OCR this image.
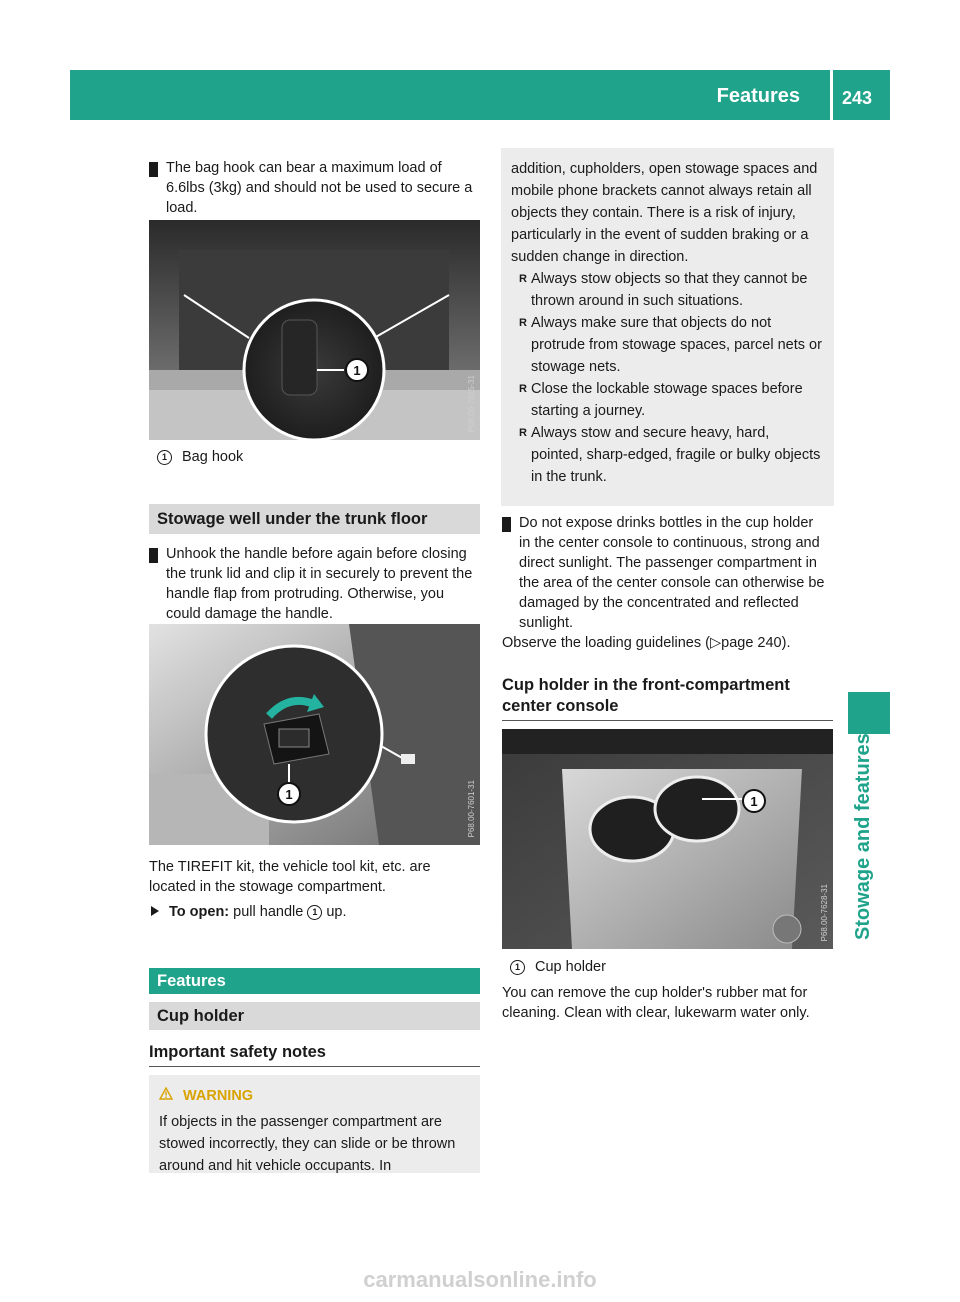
Features 243
Stowage and features
! The bag hook can bear a maximum load of 6.6lbs (3kg) and should not be used to secure a load.
1
P68.00-7615-31
1 Bag hook
Stowage well under the trunk floor
! Unhook the handle before again before closing the trunk lid and clip it in securely to prevent the handle flap from protruding. Otherwise, you could damage the handle.
1	P68.00-7601-31
The TIREFIT kit, the vehicle tool kit, etc. are located in the stowage compartment.
To open: pull handle 1 up.
Features
Cup holder
Important safety notes
WARNING
If objects in the passenger compartment are stowed incorrectly, they can slide or be thrown around and hit vehicle occupants. In
addition, cupholders, open stowage spaces and mobile phone brackets cannot always retain all objects they contain. There is a risk of injury, particularly in the event of sudden braking or a sudden change in direction.
R Always stow objects so that they cannot be thrown around in such situations.
R Always make sure that objects do not protrude from stowage spaces, parcel nets or stowage nets.
R Close the lockable stowage spaces before starting a journey.
R Always stow and secure heavy, hard, pointed, sharp-edged, fragile or bulky objects in the trunk.
! Do not expose drinks bottles in the cup holder in the center console to continuous, strong and direct sunlight. The passenger compartment in the area of the center console can otherwise be damaged by the concentrated and reflected sunlight.
Observe the loading guidelines (▷page 240).
Cup holder in the front-compartment center console
1
P68.00-7628-31
1 Cup holder
You can remove the cup holder's rubber mat for cleaning. Clean with clear, lukewarm water only.
carmanualsonline.info
